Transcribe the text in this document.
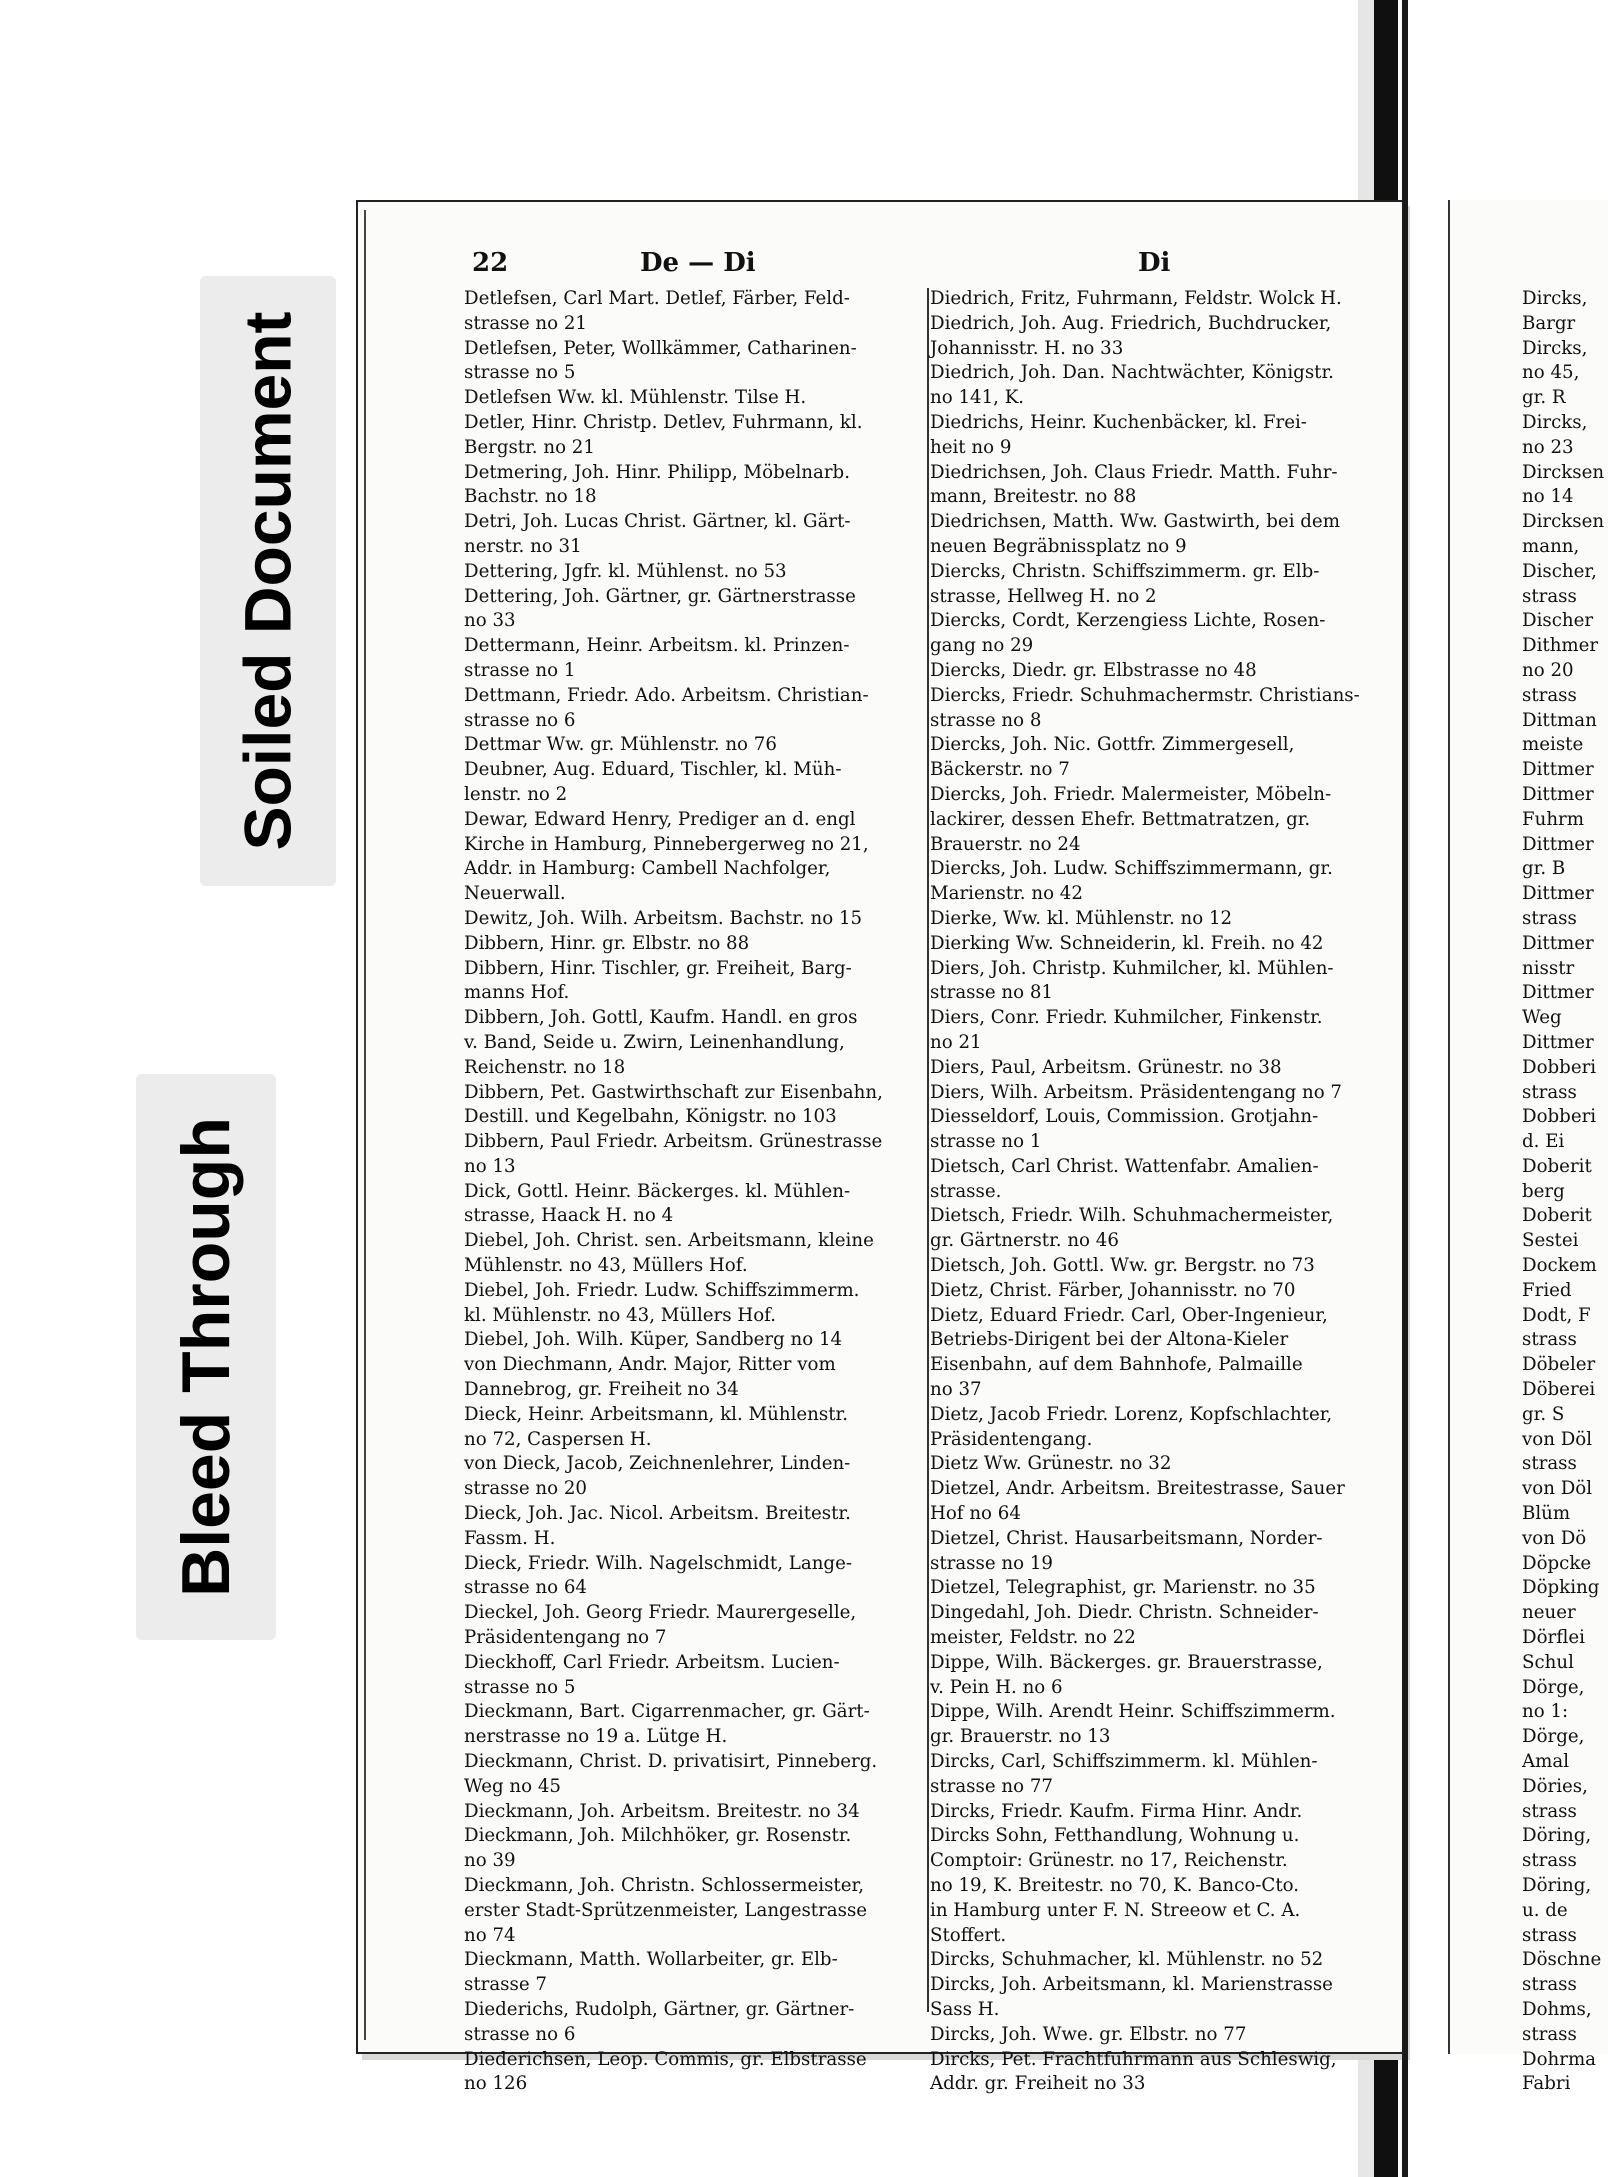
Soiled Document
Bleed Through
22	De — Di	Di
Detlefsen, Carl Mart. Detlef, Färber, Feld-
strasse no 21
Detlefsen, Peter, Wollkämmer, Catharinen-
strasse no 5
Detlefsen Ww. kl. Mühlenstr. Tilse H.
Detler, Hinr. Christp. Detlev, Fuhrmann, kl.
Bergstr. no 21
Detmering, Joh. Hinr. Philipp, Möbelnarb.
Bachstr. no 18
Detri, Joh. Lucas Christ. Gärtner, kl. Gärt-
nerstr. no 31
Dettering, Jgfr. kl. Mühlenst. no 53
Dettering, Joh. Gärtner, gr. Gärtnerstrasse
no 33
Dettermann, Heinr. Arbeitsm. kl. Prinzen-
strasse no 1
Dettmann, Friedr. Ado. Arbeitsm. Christian-
strasse no 6
Dettmar Ww. gr. Mühlenstr. no 76
Deubner, Aug. Eduard, Tischler, kl. Müh-
lenstr. no 2
Dewar, Edward Henry, Prediger an d. engl
Kirche in Hamburg, Pinnebergerweg no 21,
Addr. in Hamburg: Cambell Nachfolger,
Neuerwall.
Dewitz, Joh. Wilh. Arbeitsm. Bachstr. no 15
Dibbern, Hinr. gr. Elbstr. no 88
Dibbern, Hinr. Tischler, gr. Freiheit, Barg-
manns Hof.
Dibbern, Joh. Gottl, Kaufm. Handl. en gros
v. Band, Seide u. Zwirn, Leinenhandlung,
Reichenstr. no 18
Dibbern, Pet. Gastwirthschaft zur Eisenbahn,
Destill. und Kegelbahn, Königstr. no 103
Dibbern, Paul Friedr. Arbeitsm. Grünestrasse
no 13
Dick, Gottl. Heinr. Bäckerges. kl. Mühlen-
strasse, Haack H. no 4
Diebel, Joh. Christ. sen. Arbeitsmann, kleine
Mühlenstr. no 43, Müllers Hof.
Diebel, Joh. Friedr. Ludw. Schiffszimmerm.
kl. Mühlenstr. no 43, Müllers Hof.
Diebel, Joh. Wilh. Küper, Sandberg no 14
von Diechmann, Andr. Major, Ritter vom
Dannebrog, gr. Freiheit no 34
Dieck, Heinr. Arbeitsmann, kl. Mühlenstr.
no 72, Caspersen H.
von Dieck, Jacob, Zeichnenlehrer, Linden-
strasse no 20
Dieck, Joh. Jac. Nicol. Arbeitsm. Breitestr.
Fassm. H.
Dieck, Friedr. Wilh. Nagelschmidt, Lange-
strasse no 64
Dieckel, Joh. Georg Friedr. Maurergeselle,
Präsidentengang no 7
Dieckhoff, Carl Friedr. Arbeitsm. Lucien-
strasse no 5
Dieckmann, Bart. Cigarrenmacher, gr. Gärt-
nerstrasse no 19 a. Lütge H.
Dieckmann, Christ. D. privatisirt, Pinneberg.
Weg no 45
Dieckmann, Joh. Arbeitsm. Breitestr. no 34
Dieckmann, Joh. Milchhöker, gr. Rosenstr.
no 39
Dieckmann, Joh. Christn. Schlossermeister,
erster Stadt-Sprützenmeister, Langestrasse
no 74
Dieckmann, Matth. Wollarbeiter, gr. Elb-
strasse 7
Diederichs, Rudolph, Gärtner, gr. Gärtner-
strasse no 6
Diederichsen, Leop. Commis, gr. Elbstrasse
no 126
Diedrich, Fritz, Fuhrmann, Feldstr. Wolck H.
Diedrich, Joh. Aug. Friedrich, Buchdrucker,
Johannisstr. H. no 33
Diedrich, Joh. Dan. Nachtwächter, Königstr.
no 141, K.
Diedrichs, Heinr. Kuchenbäcker, kl. Frei-
heit no 9
Diedrichsen, Joh. Claus Friedr. Matth. Fuhr-
mann, Breitestr. no 88
Diedrichsen, Matth. Ww. Gastwirth, bei dem
neuen Begräbnissplatz no 9
Diercks, Christn. Schiffszimmerm. gr. Elb-
strasse, Hellweg H. no 2
Diercks, Cordt, Kerzengiess Lichte, Rosen-
gang no 29
Diercks, Diedr. gr. Elbstrasse no 48
Diercks, Friedr. Schuhmachermstr. Christians-
strasse no 8
Diercks, Joh. Nic. Gottfr. Zimmergesell,
Bäckerstr. no 7
Diercks, Joh. Friedr. Malermeister, Möbeln-
lackirer, dessen Ehefr. Bettmatratzen, gr.
Brauerstr. no 24
Diercks, Joh. Ludw. Schiffszimmermann, gr.
Marienstr. no 42
Dierke, Ww. kl. Mühlenstr. no 12
Dierking Ww. Schneiderin, kl. Freih. no 42
Diers, Joh. Christp. Kuhmilcher, kl. Mühlen-
strasse no 81
Diers, Conr. Friedr. Kuhmilcher, Finkenstr.
no 21
Diers, Paul, Arbeitsm. Grünestr. no 38
Diers, Wilh. Arbeitsm. Präsidentengang no 7
Diesseldorf, Louis, Commission. Grotjahn-
strasse no 1
Dietsch, Carl Christ. Wattenfabr. Amalien-
strasse.
Dietsch, Friedr. Wilh. Schuhmachermeister,
gr. Gärtnerstr. no 46
Dietsch, Joh. Gottl. Ww. gr. Bergstr. no 73
Dietz, Christ. Färber, Johannisstr. no 70
Dietz, Eduard Friedr. Carl, Ober-Ingenieur,
Betriebs-Dirigent bei der Altona-Kieler
Eisenbahn, auf dem Bahnhofe, Palmaille
no 37
Dietz, Jacob Friedr. Lorenz, Kopfschlachter,
Präsidentengang.
Dietz Ww. Grünestr. no 32
Dietzel, Andr. Arbeitsm. Breitestrasse, Sauer
Hof no 64
Dietzel, Christ. Hausarbeitsmann, Norder-
strasse no 19
Dietzel, Telegraphist, gr. Marienstr. no 35
Dingedahl, Joh. Diedr. Christn. Schneider-
meister, Feldstr. no 22
Dippe, Wilh. Bäckerges. gr. Brauerstrasse,
v. Pein H. no 6
Dippe, Wilh. Arendt Heinr. Schiffszimmerm.
gr. Brauerstr. no 13
Dircks, Carl, Schiffszimmerm. kl. Mühlen-
strasse no 77
Dircks, Friedr. Kaufm. Firma Hinr. Andr.
Dircks Sohn, Fetthandlung, Wohnung u.
Comptoir: Grünestr. no 17, Reichenstr.
no 19, K. Breitestr. no 70, K. Banco-Cto.
in Hamburg unter F. N. Streeow et C. A.
Stoffert.
Dircks, Schuhmacher, kl. Mühlenstr. no 52
Dircks, Joh. Arbeitsmann, kl. Marienstrasse
Sass H.
Dircks, Joh. Wwe. gr. Elbstr. no 77
Dircks, Pet. Frachtfuhrmann aus Schleswig,
Addr. gr. Freiheit no 33
Dircks,
Bargr
Dircks,
no 45,
gr. R
Dircks,
no 23
Dircksen
no 14
Dircksen
mann,
Discher,
strass
Discher
Dithmer
no 20
strass
Dittman
meiste
Dittmer
Dittmer
Fuhrm
Dittmer
gr. B
Dittmer
strass
Dittmer
nisstr
Dittmer
Weg
Dittmer
Dobberi
strass
Dobberi
d. Ei
Doberit
berg
Doberit
Sestei
Dockem
Fried
Dodt, F
strass
Döbeler
Döberei
gr. S
von Döl
strass
von Döl
Blüm
von Dö
Döpcke
Döpking
neuer
Dörflei
Schul
Dörge,
no 1:
Dörge,
Amal
Döries,
strass
Döring,
strass
Döring,
u. de
strass
Döschne
strass
Dohms,
strass
Dohrma
Fabri
